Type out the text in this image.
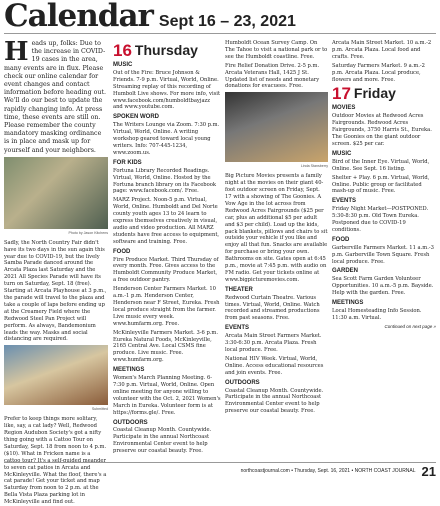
Calendar Sept 16 – 23, 2021

Heads up, folks: Due to the increase in COVID-19 cases in the area, many events are in flux. Please check our online calendar for event changes and contact information before heading out. We'll do our best to update the rapidly changing info. At press time, these events are still on. Please remember the county mandatory masking ordinance is in place and mask up for yourself and your neighbors.

Photo by Jason Kitchens

Sadly, the North Country Fair didn't have its two days in the sun again this year due to COVID-19, but the lively Samba Parade danced around the Arcata Plaza last Saturday and the 2021 All Species Parade will have its turn on Saturday, Sept. 18 (free). Starting at Arcata Playhouse at 3 p.m., the parade will travel to the plaza and take a couple of laps before ending up at the Creamery Field where the Redwood Steel Pan Project will perform. As always, Bandemonium leads the way. Masks and social distancing are required.

Submitted

Prefer to keep things more solitary, like, say, a cat lady? Well, Redwood Region Audubon Society's got a nifty thing going with a Cattoo Tour on Saturday, Sept. 18 from noon to 4 p.m. ($10). What in Fricken name is a cattoo tour? It's a self-guided meander to seven cat patios in Arcata and McKinleyville. What the floof, there's a cat parade! Get your ticket and map Saturday from noon to 2 p.m. at the Bella Vista Plaza parking lot in McKinleyville and find out.

16 Thursday
MUSIC

Out of the Fire: Bruce Johnson & Friends. 7-9 p.m. Virtual, World, Online. Streaming replay of this recording of Humbolt Live shows. For more info, visit www.facebook.com/humboldtbayjazz and www.youtube.com.

SPOKEN WORD

The Writers Lounge via Zoom. 7:30 p.m. Virtual, World, Online. A writing workshop geared toward local young writers. Info: 707-445-1234, www.zoom.us.

FOR KIDS

Fortuna Library Recorded Readings. Virtual, World, Online. Hosted by the Fortuna branch library on its Facebook page: www.facebook.com/. Free.

MARZ Project. Noon-5 p.m. Virtual, World, Online. Humboldt and Del Norte county youth ages 13 to 24 learn to express themselves creatively in visual, audio and video production. All MARZ students have free access to equipment, software and training. Free.

FOOD

Fire Produce Market. Third Thursday of every month. Free. Gives access to the Humboldt Community Produce Market, a free outdoor pantry.

Henderson Center Farmers Market. 10 a.m.-1 p.m. Henderson Center, Henderson near F Street, Eureka. Fresh local produce straight from the farmer. Live music every week. www.humfarm.org. Free.

McKinleyville Farmers Market. 3-6 p.m. Eureka Natural Foods, McKinleyville, 2165 Central Ave. Local CSMS fine produce. Live music. Free. www.humfarm.org.

MEETINGS

Women's March Planning Meeting. 6-7:30 p.m. Virtual, World, Online. Open online meeting for anyone willing to volunteer with the Oct. 2, 2021 Women's March in Eureka. Volunteer form is at https://forms.gle/. Free.

OUTDOORS

Coastal Cleanup Month. Countywide. Participate in the annual Northcoast Environmental Center event to help preserve our coastal beauty. Free.

Humboldt Ocean Survey Camp. On The Tahoe to visit a national park or to see the Humboldt coastline. Free.

Fire Relief Donation Drive. 2-5 p.m. Arcata Veterans Hall, 1425 J St. Updated list of needs and monetary donations for evacuees. Free.

Linda Stansberry

Big Picture Movies presents a family night at the movies on their giant 40-foot outdoor screen on Friday, Sept. 17 with a showing of The Goonies. A Vow Age in the lot across from Redwood Acres Fairgrounds ($25 per car, plus an additional $5 per adult and $3 per child). Load up the kids, pack blankets, pillows and chairs to sit outside your vehicle if you like and enjoy all that fun. Snacks are available for purchase or bring your own. Bathrooms on site. Gates open at 6:45 p.m., movie at 7:45 p.m. with audio on FM radio. Get your tickets online at www.bigpicturemovies.com.

THEATER

Redwood Curtain Theatre. Various times. Virtual, World, Online. Watch recorded and streamed productions from past seasons. Free.

EVENTS

Arcata Main Street Farmers Market. 3:30-6:30 p.m. Arcata Plaza. Fresh local produce. Free.

National HIV Week. Virtual, World, Online. Access educational resources and join events. Free.

OUTDOORS

Coastal Cleanup Month. Countywide. Participate in the annual Northcoast Environmental Center event to help preserve our coastal beauty. Free.

Arcata Main Street Market. 10 a.m.-2 p.m. Arcata Plaza. Local food and crafts. Free.

Saturday Farmers Market. 9 a.m.-2 p.m. Arcata Plaza. Local produce, flowers and more. Free.

17 Friday
MOVIES

Outdoor Movies at Redwood Acres Fairgrounds. Redwood Acres Fairgrounds, 3750 Harris St., Eureka. The Goonies on the giant outdoor screen. $25 per car.

MUSIC

Bird of the Inner Eye. Virtual, World, Online. See Sept. 16 listing.

Shelter + Play. 6 p.m. Virtual, World, Online. Public group or facilitated mash-up of music. Free.

EVENTS

Friday Night Market—POSTPONED. 5:30-8:30 p.m. Old Town Eureka. Postponed due to COVID-19 conditions.

FOOD

Garberville Farmers Market. 11 a.m.-3 p.m. Garberville Town Square. Fresh local produce. Free.

GARDEN

Sea Scott Farm Garden Volunteer Opportunities. 10 a.m.-5 p.m. Bayside. Help with the garden. Free.

MEETINGS

Local Homesteading Info Session. 11:30 a.m. Virtual.

Continued on next page »
northcoastjournal.com • Thursday, Sept. 16, 2021 • NORTH COAST JOURNAL 21
